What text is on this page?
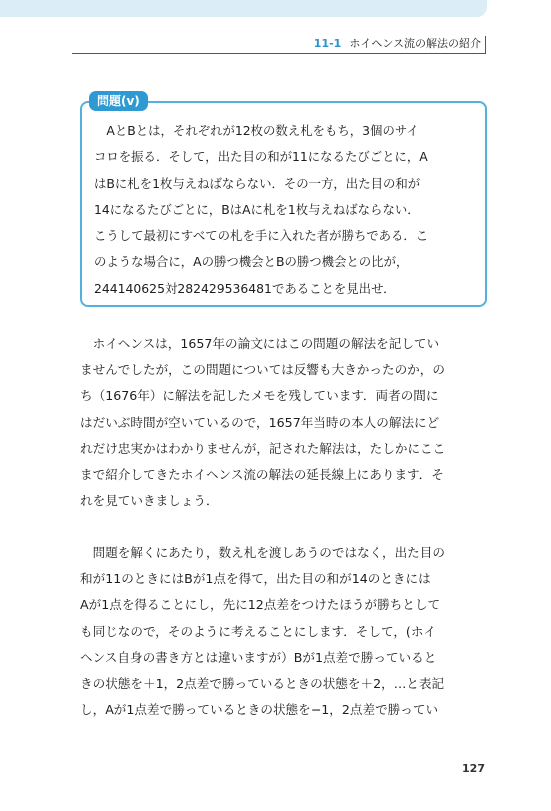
11-1 ホイヘンス流の解法の紹介
問題(v)
　AとBとは，それぞれが12枚の数え札をもち，3個のサイ
コロを振る．そして，出た目の和が11になるたびごとに，A
はBに札を1枚与えねばならない．その一方，出た目の和が
14になるたびごとに，BはAに札を1枚与えねばならない．
こうして最初にすべての札を手に入れた者が勝ちである．こ
のような場合に，Aの勝つ機会とBの勝つ機会との比が，
244140625対282429536481であることを見出せ．
　ホイヘンスは，1657年の論文にはこの問題の解法を記してい
ませんでしたが，この問題については反響も大きかったのか，の
ち（1676年）に解法を記したメモを残しています．両者の間に
はだいぶ時間が空いているので，1657年当時の本人の解法にど
れだけ忠実かはわかりませんが，記された解法は，たしかにここ
まで紹介してきたホイヘンス流の解法の延長線上にあります．そ
れを見ていきましょう．
　問題を解くにあたり，数え札を渡しあうのではなく，出た目の
和が11のときにはBが1点を得て，出た目の和が14のときには
Aが1点を得ることにし，先に12点差をつけたほうが勝ちとして
も同じなので，そのように考えることにします．そして，(ホイ
ヘンス自身の書き方とは違いますが）Bが1点差で勝っていると
きの状態を＋1，2点差で勝っているときの状態を＋2，…と表記
し，Aが1点差で勝っているときの状態を−1，2点差で勝ってい
127
